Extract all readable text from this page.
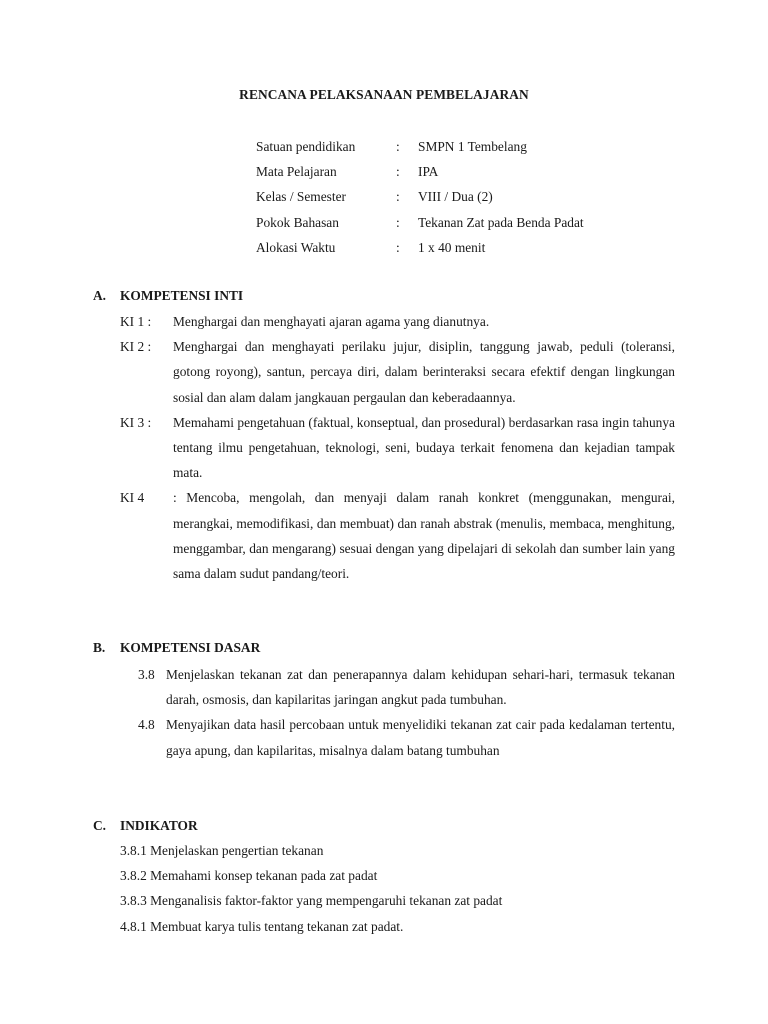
RENCANA PELAKSANAAN PEMBELAJARAN
Satuan pendidikan	: SMPN 1 Tembelang
Mata Pelajaran	: IPA
Kelas / Semester	: VIII / Dua (2)
Pokok Bahasan	: Tekanan Zat pada Benda Padat
Alokasi Waktu	: 1 x 40 menit
A. KOMPETENSI INTI
KI 1 :	Menghargai dan menghayati ajaran agama yang dianutnya.
KI 2 :	Menghargai dan menghayati perilaku jujur, disiplin, tanggung jawab, peduli (toleransi, gotong royong), santun, percaya diri, dalam berinteraksi secara efektif dengan lingkungan sosial dan alam dalam jangkauan pergaulan dan keberadaannya.
KI 3 :	Memahami pengetahuan (faktual, konseptual, dan prosedural) berdasarkan rasa ingin tahunya tentang ilmu pengetahuan, teknologi, seni, budaya terkait fenomena dan kejadian tampak mata.
KI 4	: Mencoba, mengolah, dan menyaji dalam ranah konkret (menggunakan, mengurai, merangkai, memodifikasi, dan membuat) dan ranah abstrak (menulis, membaca, menghitung, menggambar, dan mengarang) sesuai dengan yang dipelajari di sekolah dan sumber lain yang sama dalam sudut pandang/teori.
B. KOMPETENSI DASAR
3.8 Menjelaskan tekanan zat dan penerapannya dalam kehidupan sehari-hari, termasuk tekanan darah, osmosis, dan kapilaritas jaringan angkut pada tumbuhan.
4.8 Menyajikan data hasil percobaan untuk menyelidiki tekanan zat cair pada kedalaman tertentu, gaya apung, dan kapilaritas, misalnya dalam batang tumbuhan
C. INDIKATOR
3.8.1 Menjelaskan pengertian tekanan
3.8.2 Memahami konsep tekanan pada zat padat
3.8.3 Menganalisis faktor-faktor yang mempengaruhi tekanan zat padat
4.8.1 Membuat karya tulis tentang tekanan zat padat.
